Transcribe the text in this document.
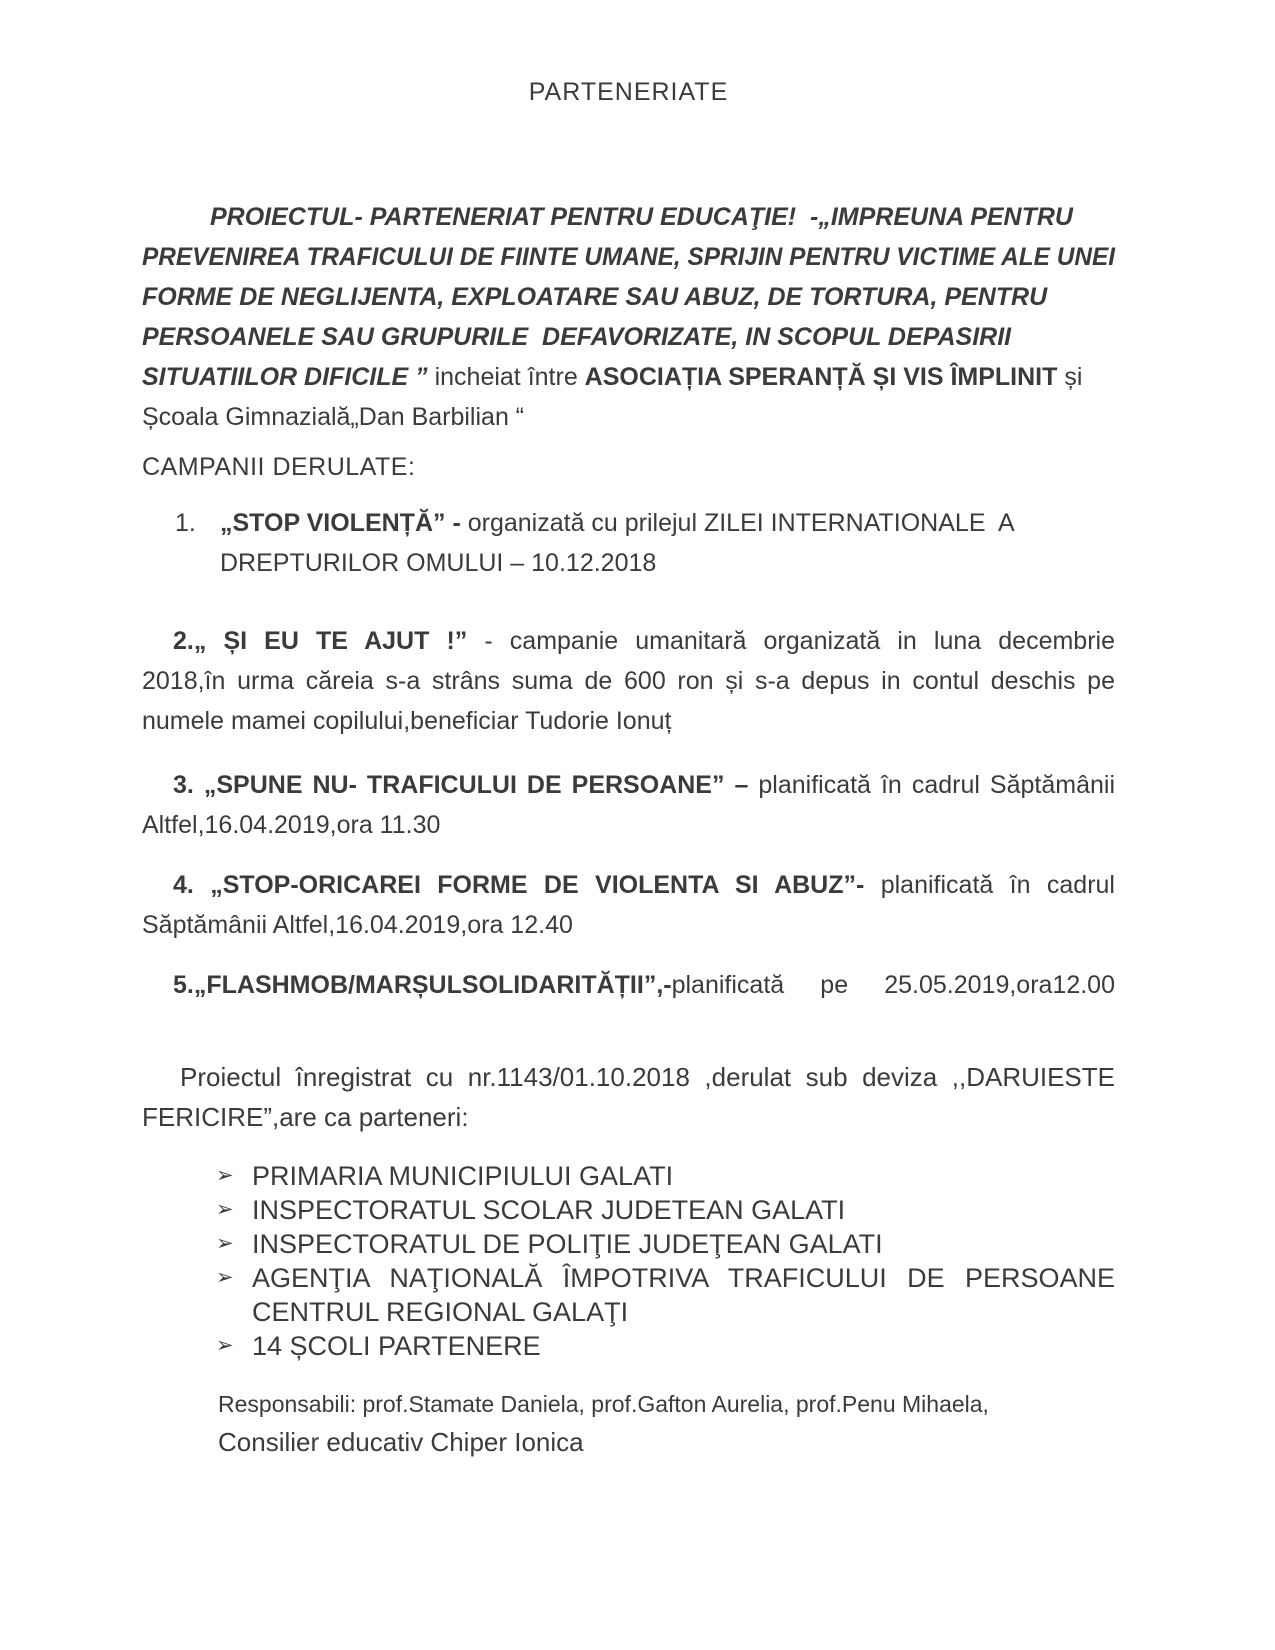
PARTENERIATE
PROIECTUL- PARTENERIAT PENTRU EDUCAŢIE!  -„IMPREUNA PENTRU
PREVENIREA TRAFICULUI DE FIINTE UMANE, SPRIJIN PENTRU VICTIME ALE UNEI
FORME DE NEGLIJENTA, EXPLOATARE SAU ABUZ, DE TORTURA, PENTRU
PERSOANELE SAU GRUPURILE  DEFAVORIZATE, IN SCOPUL DEPASIRII
SITUATIILOR DIFICILE ” incheiat între ASOCIAȚIA SPERANȚĂ ȘI VIS ÎMPLINIT și
Școala Gimnazială„Dan Barbilian “
CAMPANII DERULATE:
1. „STOP VIOLENȚĂ” - organizată cu prilejul ZILEI INTERNATIONALE  A
DREPTURILOR OMULUI – 10.12.2018
2.„ ȘI EU TE AJUT !” - campanie umanitară organizată in luna decembrie
2018,în urma căreia s-a strâns suma de 600 ron și s-a depus in contul deschis pe
numele mamei copilului,beneficiar Tudorie Ionuț
3. „SPUNE NU- TRAFICULUI DE PERSOANE” – planificată în cadrul Săptămânii
Altfel,16.04.2019,ora 11.30
4. „STOP-ORICAREI FORME DE VIOLENTA SI ABUZ”- planificată în cadrul
Săptămânii Altfel,16.04.2019,ora 12.40
5.„FLASHMOB/MARȘULSOLIDARITĂȚII”,-planificată pe 25.05.2019,ora12.00
Proiectul înregistrat cu nr.1143/01.10.2018 ,derulat sub deviza ,,DARUIESTE
FERICIRE”,are ca parteneri:
➢ PRIMARIA MUNICIPIULUI GALATI
➢ INSPECTORATUL SCOLAR JUDETEAN GALATI
➢ INSPECTORATUL DE POLIŢIE JUDEŢEAN GALATI
➢ AGENŢIA NAŢIONALĂ ÎMPOTRIVA TRAFICULUI DE PERSOANE
CENTRUL REGIONAL GALAŢI
➢ 14 ȘCOLI PARTENERE
Responsabili: prof.Stamate Daniela, prof.Gafton Aurelia, prof.Penu Mihaela,
Consilier educativ Chiper Ionica
